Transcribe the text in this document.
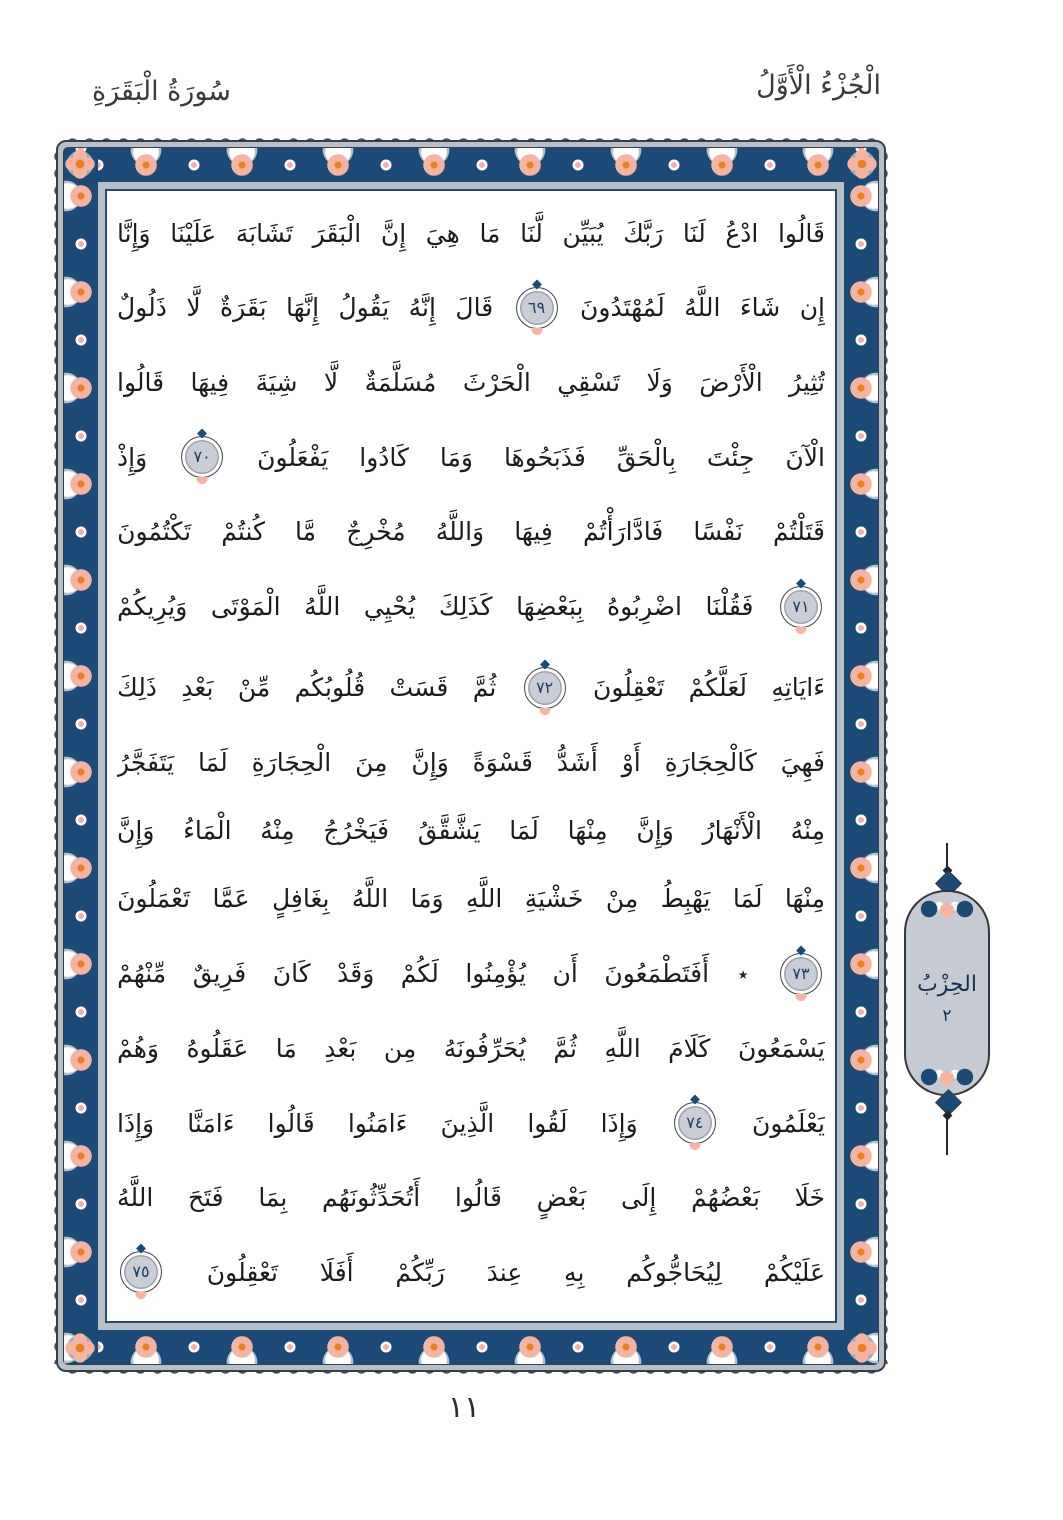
سُورَةُ الْبَقَرَةِ	الْجُزْءُ الْأَوَّلُ
قَالُوا
ادْعُ
لَنَا
رَبَّكَ
يُبَيِّن
لَّنَا
مَا
هِيَ
إِنَّ
الْبَقَرَ
تَشَابَهَ
عَلَيْنَا
وَإِنَّا
إِن
شَاءَ
اللَّهُ
لَمُهْتَدُونَ
٦٩
قَالَ
إِنَّهُ
يَقُولُ
إِنَّهَا
بَقَرَةٌ
لَّا
ذَلُولٌ
تُثِيرُ
الْأَرْضَ
وَلَا
تَسْقِي
الْحَرْثَ
مُسَلَّمَةٌ
لَّا
شِيَةَ
فِيهَا
قَالُوا
الْآنَ
جِئْتَ
بِالْحَقِّ
فَذَبَحُوهَا
وَمَا
كَادُوا
يَفْعَلُونَ
٧٠
وَإِذْ
قَتَلْتُمْ
نَفْسًا
فَادَّارَأْتُمْ
فِيهَا
وَاللَّهُ
مُخْرِجٌ
مَّا
كُنتُمْ
تَكْتُمُونَ
٧١
فَقُلْنَا
اضْرِبُوهُ
بِبَعْضِهَا
كَذَلِكَ
يُحْيِي
اللَّهُ
الْمَوْتَى
وَيُرِيكُمْ
ءَايَاتِهِ
لَعَلَّكُمْ
تَعْقِلُونَ
٧٢
ثُمَّ
قَسَتْ
قُلُوبُكُم
مِّنْ
بَعْدِ
ذَلِكَ
فَهِيَ
كَالْحِجَارَةِ
أَوْ
أَشَدُّ
قَسْوَةً
وَإِنَّ
مِنَ
الْحِجَارَةِ
لَمَا
يَتَفَجَّرُ
مِنْهُ
الْأَنْهَارُ
وَإِنَّ
مِنْهَا
لَمَا
يَشَّقَّقُ
فَيَخْرُجُ
مِنْهُ
الْمَاءُ
وَإِنَّ
مِنْهَا
لَمَا
يَهْبِطُ
مِنْ
خَشْيَةِ
اللَّهِ
وَمَا
اللَّهُ
بِغَافِلٍ
عَمَّا
تَعْمَلُونَ
٧٣
٭
أَفَتَطْمَعُونَ
أَن
يُؤْمِنُوا
لَكُمْ
وَقَدْ
كَانَ
فَرِيقٌ
مِّنْهُمْ
يَسْمَعُونَ
كَلَامَ
اللَّهِ
ثُمَّ
يُحَرِّفُونَهُ
مِن
بَعْدِ
مَا
عَقَلُوهُ
وَهُمْ
يَعْلَمُونَ
٧٤
وَإِذَا
لَقُوا
الَّذِينَ
ءَامَنُوا
قَالُوا
ءَامَنَّا
وَإِذَا
خَلَا
بَعْضُهُمْ
إِلَى
بَعْضٍ
قَالُوا
أَتُحَدِّثُونَهُم
بِمَا
فَتَحَ
اللَّهُ
عَلَيْكُمْ
لِيُحَاجُّوكُم
بِهِ
عِندَ
رَبِّكُمْ
أَفَلَا
تَعْقِلُونَ
٧٥
الحِزْبُ
٢
١١
